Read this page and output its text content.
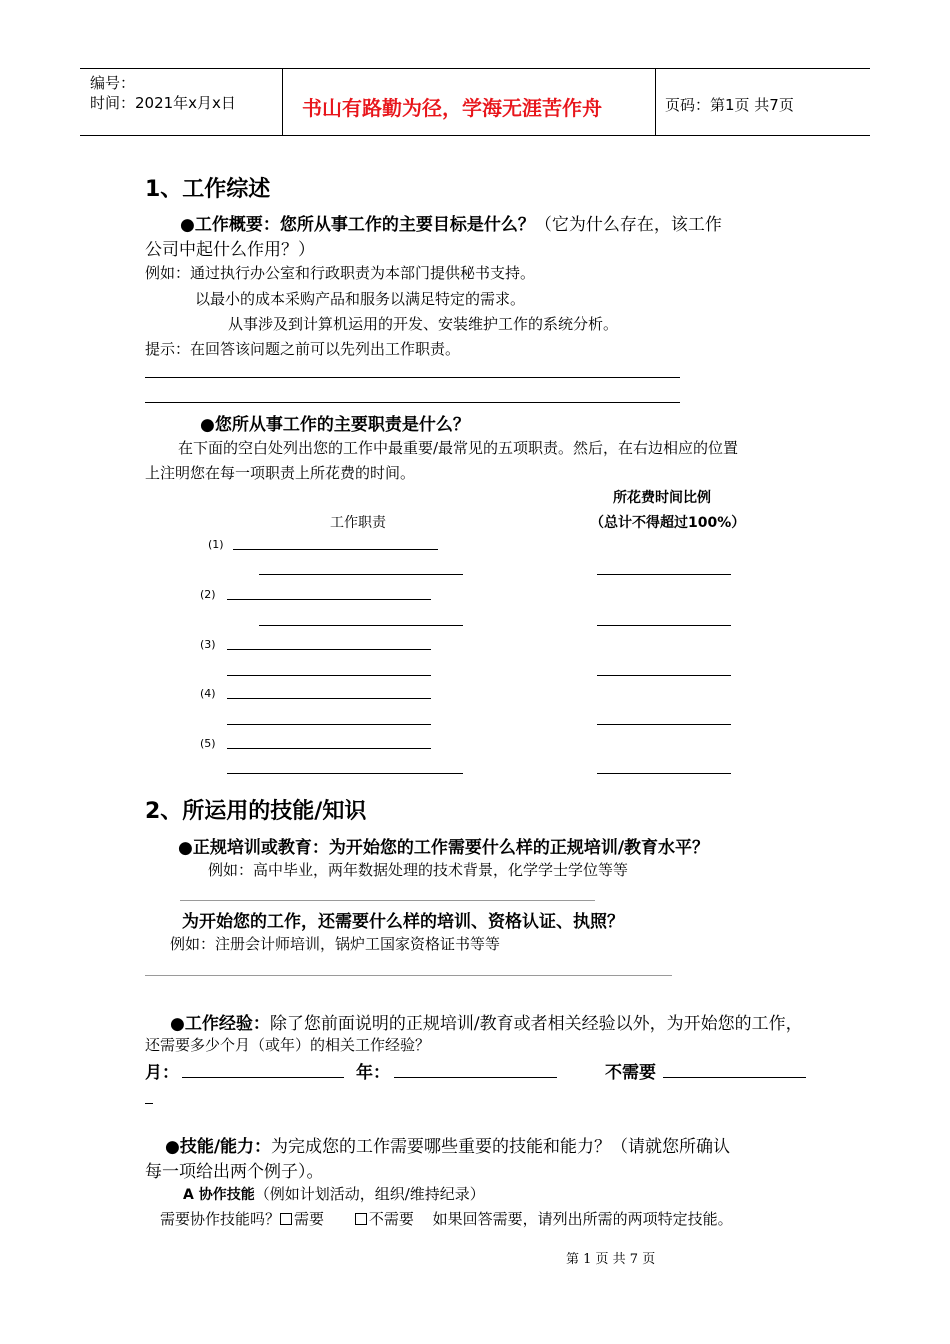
编号：
时间：2021年x月x日	书山有路勤为径，学海无涯苦作舟	页码：第1页 共7页
1、工作综述
●工作概要：您所从事工作的主要目标是什么？（它为什么存在，该工作
公司中起什么作用？）
例如：通过执行办公室和行政职责为本部门提供秘书支持。
以最小的成本采购产品和服务以满足特定的需求。
从事涉及到计算机运用的开发、安装维护工作的系统分析。
提示：在回答该问题之前可以先列出工作职责。
●您所从事工作的主要职责是什么？
在下面的空白处列出您的工作中最重要/最常见的五项职责。然后，在右边相应的位置
上注明您在每一项职责上所花费的时间。
所花费时间比例
工作职责	（总计不得超过100%）
(1)
(2)
(3)
(4)
(5)
2、所运用的技能/知识
●正规培训或教育：为开始您的工作需要什么样的正规培训/教育水平？
例如：高中毕业，两年数据处理的技术背景，化学学士学位等等
为开始您的工作，还需要什么样的培训、资格认证、执照？
例如：注册会计师培训，锅炉工国家资格证书等等
●工作经验：除了您前面说明的正规培训/教育或者相关经验以外，为开始您的工作，
还需要多少个月（或年）的相关工作经验？
月：	年：	不需要
●技能/能力：为完成您的工作需要哪些重要的技能和能力？（请就您所确认
每一项给出两个例子）。
A 协作技能（例如计划活动，组织/维持纪录）
需要协作技能吗？ 需要	不需要 如果回答需要，请列出所需的两项特定技能。
第 1 页 共 7 页
